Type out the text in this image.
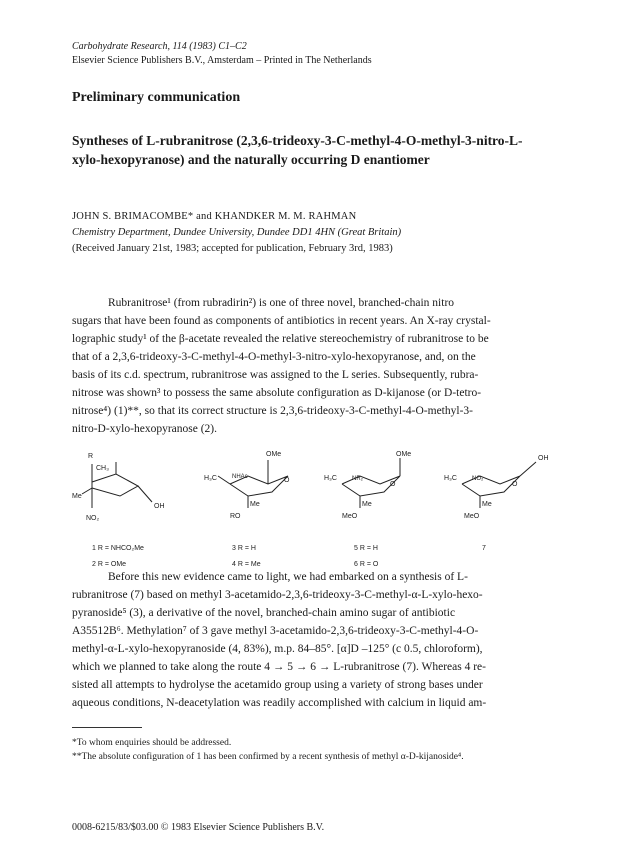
Carbohydrate Research, 114 (1983) C1–C2
Elsevier Science Publishers B.V., Amsterdam – Printed in The Netherlands
Preliminary communication
Syntheses of L-rubranitrose (2,3,6-trideoxy-3-C-methyl-4-O-methyl-3-nitro-L-
xylo-hexopyranose) and the naturally occurring D enantiomer
JOHN S. BRIMACOMBE* and KHANDKER M. M. RAHMAN
Chemistry Department, Dundee University, Dundee DD1 4HN (Great Britain)
(Received January 21st, 1983; accepted for publication, February 3rd, 1983)
Rubranitrose¹ (from rubradirin²) is one of three novel, branched-chain nitro
sugars that have been found as components of antibiotics in recent years. An X-ray crystal-
lographic study¹ of the β-acetate revealed the relative stereochemistry of rubranitrose to be
that of a 2,3,6-trideoxy-3-C-methyl-4-O-methyl-3-nitro-xylo-hexopyranose, and, on the
basis of its c.d. spectrum, rubranitrose was assigned to the L series. Subsequently, rubra-
nitrose was shown³ to possess the same absolute configuration as D-kijanose (or D-tetro-
nitrose⁴) (1)**, so that its correct structure is 2,3,6-trideoxy-3-C-methyl-4-O-methyl-3-
nitro-D-xylo-hexopyranose (2).
R
CH₃
Me
OH
NO₂
OMe
H₃C	NHAc	O
Me
RO
OMe
H₃C	NR₂
O
Me
MeO
OH
H₃C	NO₂
O
Me
MeO
1 R = NHCO₂Me
2 R = OMe
3 R = H
4 R = Me
5 R = H
6 R = O
7
Before this new evidence came to light, we had embarked on a synthesis of L-
rubranitrose (7) based on methyl 3-acetamido-2,3,6-trideoxy-3-C-methyl-α-L-xylo-hexo-
pyranoside⁵ (3), a derivative of the novel, branched-chain amino sugar of antibiotic
A35512B⁶. Methylation⁷ of 3 gave methyl 3-acetamido-2,3,6-trideoxy-3-C-methyl-4-O-
methyl-α-L-xylo-hexopyranoside (4, 83%), m.p. 84–85°. [α]D –125° (c 0.5, chloroform),
which we planned to take along the route 4 → 5 → 6 → L-rubranitrose (7). Whereas 4 re-
sisted all attempts to hydrolyse the acetamido group using a variety of strong bases under
aqueous conditions, N-deacetylation was readily accomplished with calcium in liquid am-
*To whom enquiries should be addressed.
**The absolute configuration of 1 has been confirmed by a recent synthesis of methyl α-D-kijanoside⁴.
0008-6215/83/$03.00 © 1983 Elsevier Science Publishers B.V.
